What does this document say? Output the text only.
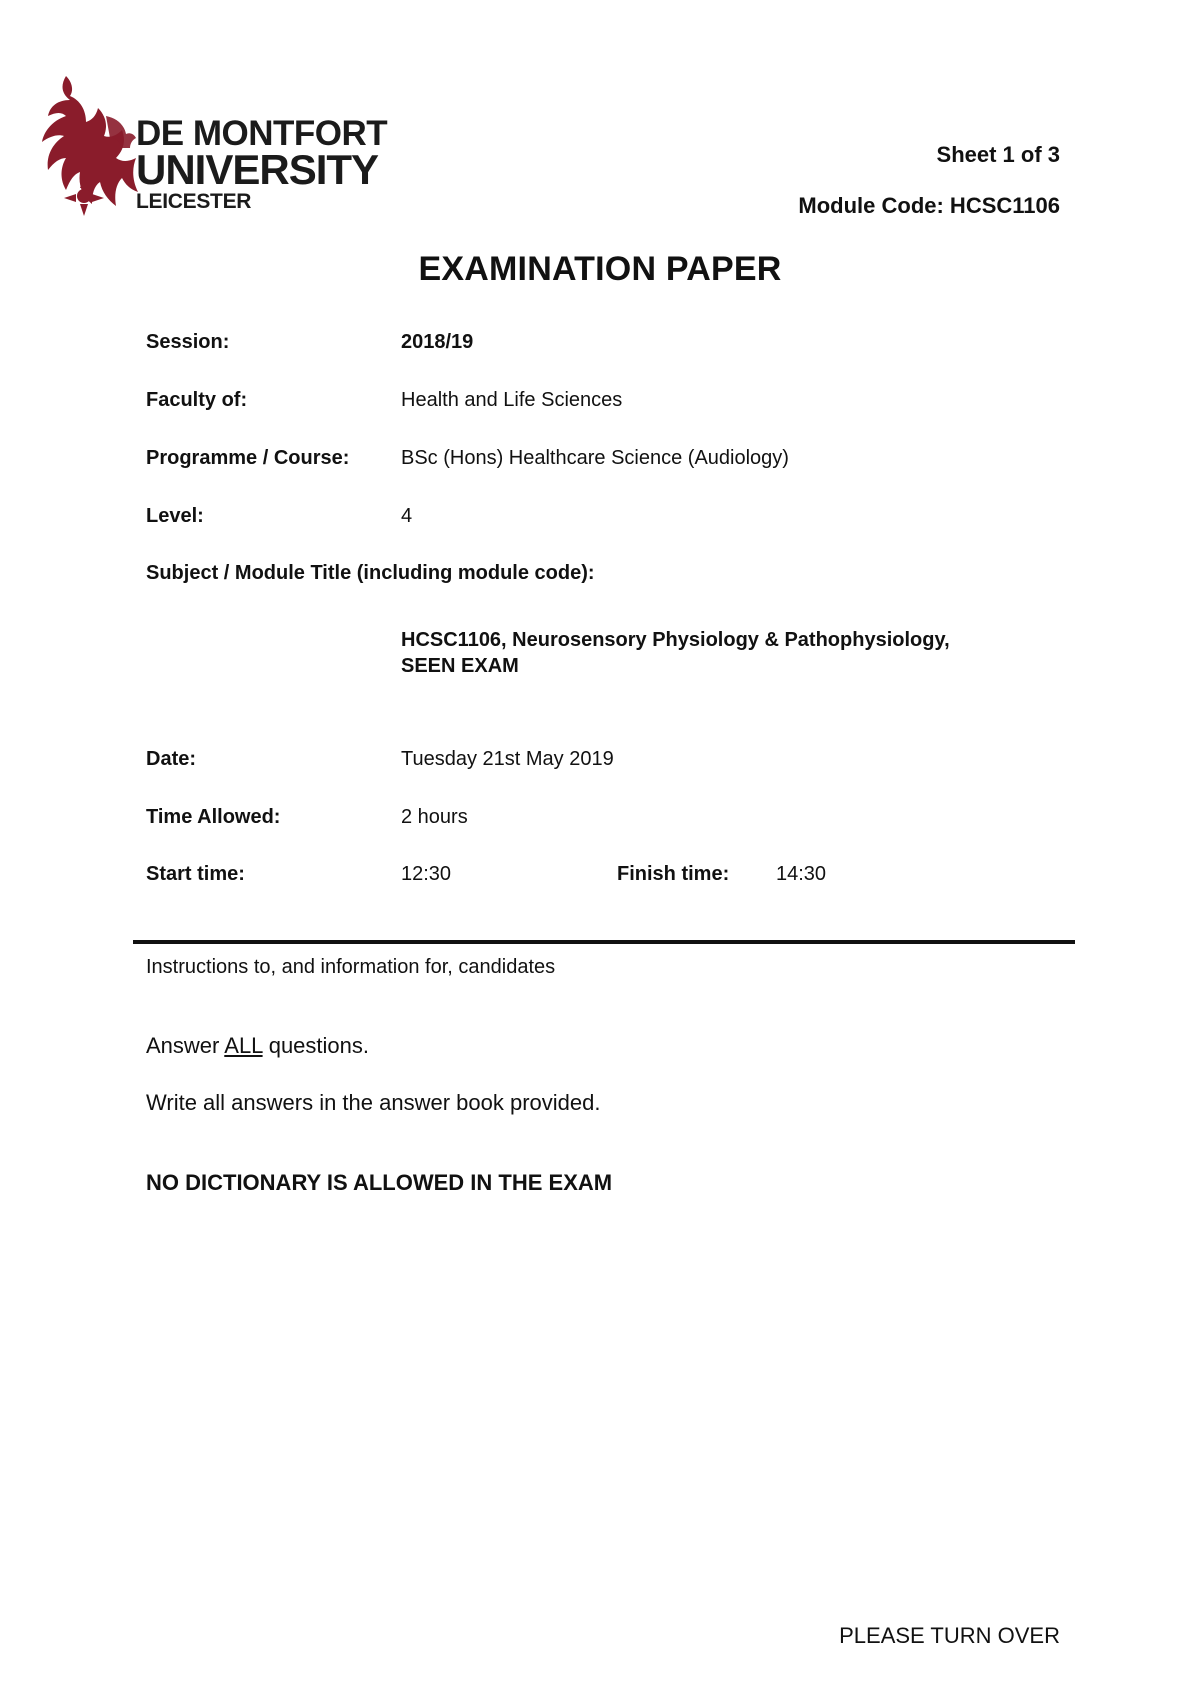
DE MONTFORT
UNIVERSITY
LEICESTER
Sheet 1 of 3
Module Code: HCSC1106
EXAMINATION PAPER
Session:	2018/19
Faculty of:	Health and Life Sciences
Programme / Course:	BSc (Hons) Healthcare Science (Audiology)
Level:	4
Subject / Module Title (including module code):
HCSC1106, Neurosensory Physiology & Pathophysiology,
SEEN EXAM
Date:	Tuesday 21st May 2019
Time Allowed:	2 hours
Start time:	12:30	Finish time: 14:30
Instructions to, and information for, candidates
Answer ALL questions.
Write all answers in the answer book provided.
NO DICTIONARY IS ALLOWED IN THE EXAM
PLEASE TURN OVER
